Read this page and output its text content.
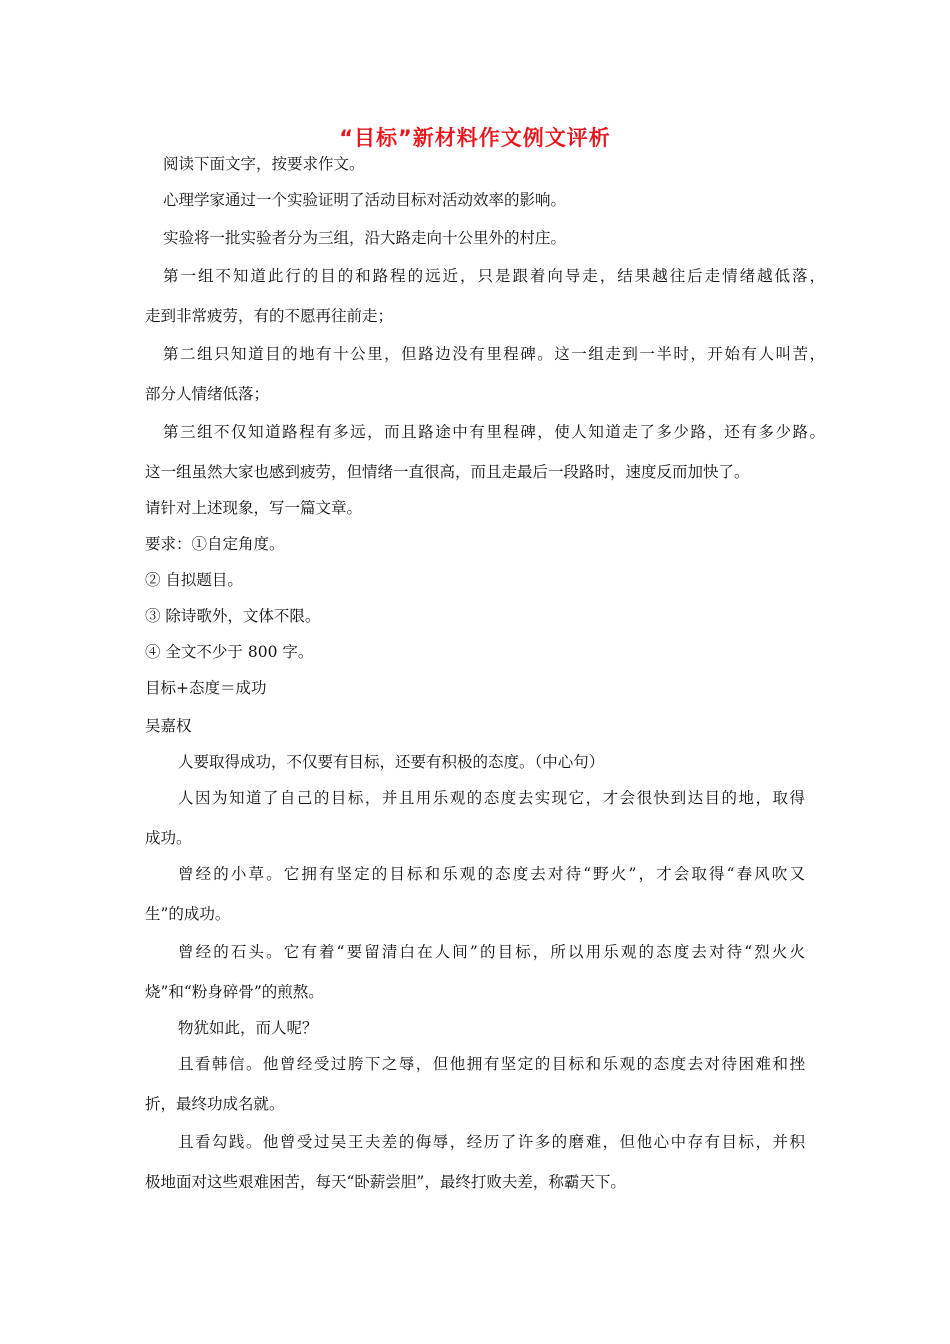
“目标”新材料作文例文评析
阅读下面文字，按要求作文。
心理学家通过一个实验证明了活动目标对活动效率的影响。
实验将一批实验者分为三组，沿大路走向十公里外的村庄。
第一组不知道此行的目的和路程的远近，只是跟着向导走，结果越往后走情绪越低落，
走到非常疲劳，有的不愿再往前走；
第二组只知道目的地有十公里，但路边没有里程碑。这一组走到一半时，开始有人叫苦，
部分人情绪低落；
第三组不仅知道路程有多远，而且路途中有里程碑，使人知道走了多少路，还有多少路。
这一组虽然大家也感到疲劳，但情绪一直很高，而且走最后一段路时，速度反而加快了。
请针对上述现象，写一篇文章。
要求：①自定角度。
② 自拟题目。
③ 除诗歌外，文体不限。
④ 全文不少于 800 字。
目标+态度＝成功
吴嘉权
人要取得成功，不仅要有目标，还要有积极的态度。（中心句）
人因为知道了自己的目标，并且用乐观的态度去实现它，才会很快到达目的地，取得
成功。
曾经的小草。它拥有坚定的目标和乐观的态度去对待“野火”，才会取得“春风吹又
生”的成功。
曾经的石头。它有着“要留清白在人间”的目标，所以用乐观的态度去对待“烈火火
烧”和“粉身碎骨”的煎熬。
物犹如此，而人呢？
且看韩信。他曾经受过胯下之辱，但他拥有坚定的目标和乐观的态度去对待困难和挫
折，最终功成名就。
且看勾践。他曾受过吴王夫差的侮辱，经历了许多的磨难，但他心中存有目标，并积
极地面对这些艰难困苦，每天“卧薪尝胆”，最终打败夫差，称霸天下。
